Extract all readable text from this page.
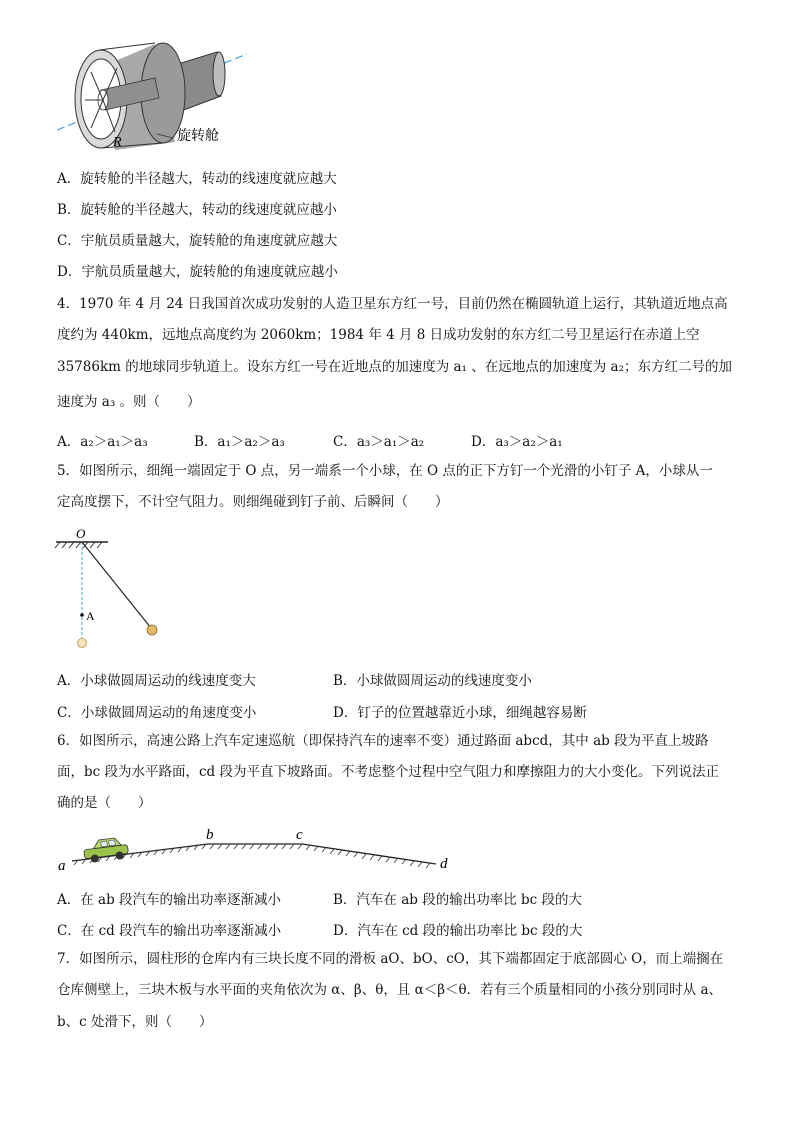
R	旋转舱
A．旋转舱的半径越大，转动的线速度就应越大
B．旋转舱的半径越大，转动的线速度就应越小
C．宇航员质量越大，旋转舱的角速度就应越大
D．宇航员质量越大，旋转舱的角速度就应越小
4．1970 年 4 月 24 日我国首次成功发射的人造卫星东方红一号，目前仍然在椭圆轨道上运行，其轨道近地点高
度约为 440km，远地点高度约为 2060km；1984 年 4 月 8 日成功发射的东方红二号卫星运行在赤道上空
35786km 的地球同步轨道上。设东方红一号在近地点的加速度为 a₁ 、在远地点的加速度为 a₂；东方红二号的加
速度为 a₃ 。则（　　）
A．a₂＞a₁＞a₃	B．a₁＞a₂＞a₃	C．a₃＞a₁＞a₂	D．a₃＞a₂＞a₁
5．如图所示，细绳一端固定于 O 点，另一端系一个小球，在 O 点的正下方钉一个光滑的小钉子 A，小球从一
定高度摆下，不计空气阻力。则细绳碰到钉子前、后瞬间（　　）
O
A
A．小球做圆周运动的线速度变大	B．小球做圆周运动的线速度变小
C．小球做圆周运动的角速度变小	D．钉子的位置越靠近小球，细绳越容易断
6．如图所示，高速公路上汽车定速巡航（即保持汽车的速率不变）通过路面 abcd，其中 ab 段为平直上坡路
面，bc 段为水平路面，cd 段为平直下坡路面。不考虑整个过程中空气阻力和摩擦阻力的大小变化。下列说法正
确的是（　　）
a
b	c
d
A．在 ab 段汽车的输出功率逐渐减小	B．汽车在 ab 段的输出功率比 bc 段的大
C．在 cd 段汽车的输出功率逐渐减小	D．汽车在 cd 段的输出功率比 bc 段的大
7．如图所示，圆柱形的仓库内有三块长度不同的滑板 aO、bO、cO，其下端都固定于底部圆心 O，而上端搁在
仓库侧壁上，三块木板与水平面的夹角依次为 α、β、θ，且 α＜β＜θ．若有三个质量相同的小孩分别同时从 a、
b、c 处滑下，则（　　）
